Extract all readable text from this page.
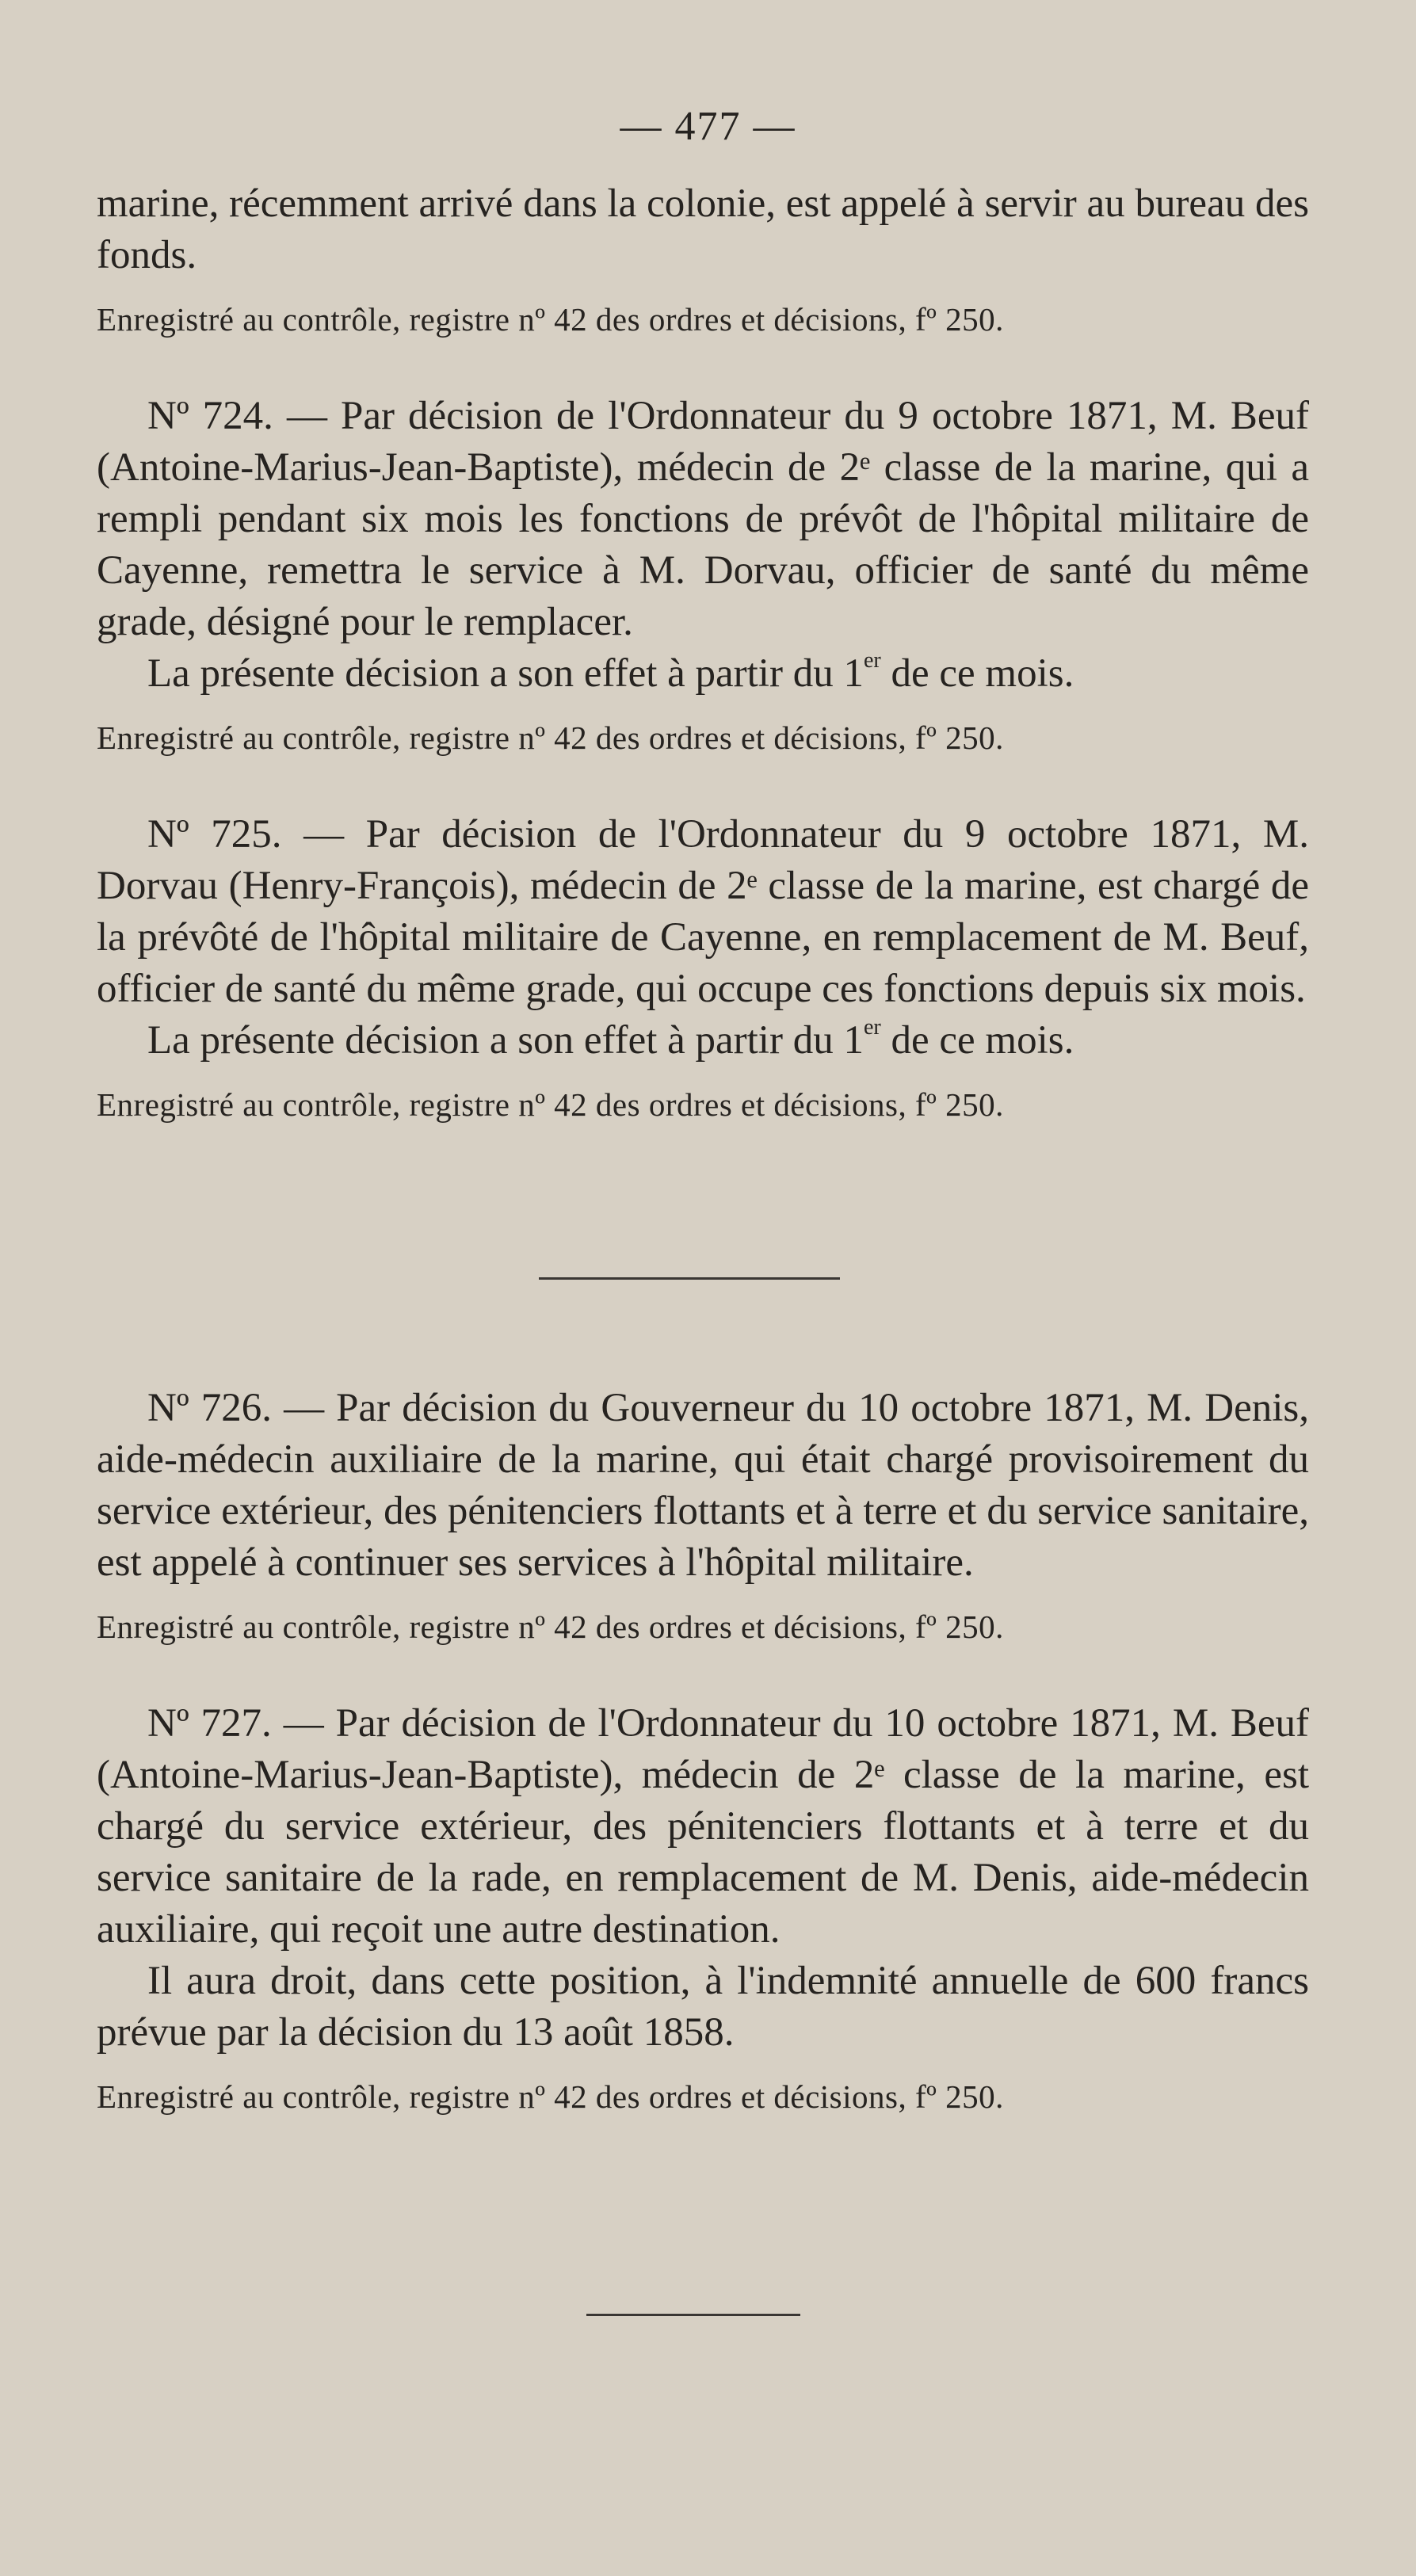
— 477 —

marine, récemment arrivé dans la colonie, est appelé à servir au bureau des fonds.

Enregistré au contrôle, registre nº 42 des ordres et décisions, fº 250.

Nº 724. — Par décision de l'Ordonnateur du 9 octobre 1871, M. Beuf (Antoine-Marius-Jean-Baptiste), médecin de 2ᵉ classe de la marine, qui a rempli pendant six mois les fonctions de prévôt de l'hôpital militaire de Cayenne, remettra le service à M. Dorvau, officier de santé du même grade, désigné pour le remplacer.

La présente décision a son effet à partir du 1er de ce mois.

Enregistré au contrôle, registre nº 42 des ordres et décisions, fº 250.

Nº 725. — Par décision de l'Ordonnateur du 9 octobre 1871, M. Dorvau (Henry-François), médecin de 2ᵉ classe de la marine, est chargé de la prévôté de l'hôpital militaire de Cayenne, en remplacement de M. Beuf, officier de santé du même grade, qui occupe ces fonctions depuis six mois.

La présente décision a son effet à partir du 1er de ce mois.

Enregistré au contrôle, registre nº 42 des ordres et décisions, fº 250.

Nº 726. — Par décision du Gouverneur du 10 octobre 1871, M. Denis, aide-médecin auxiliaire de la marine, qui était chargé provisoirement du service extérieur, des pénitenciers flottants et à terre et du service sanitaire, est appelé à continuer ses services à l'hôpital militaire.

Enregistré au contrôle, registre nº 42 des ordres et décisions, fº 250.

Nº 727. — Par décision de l'Ordonnateur du 10 octobre 1871, M. Beuf (Antoine-Marius-Jean-Baptiste), médecin de 2ᵉ classe de la marine, est chargé du service extérieur, des pénitenciers flottants et à terre et du service sanitaire de la rade, en remplacement de M. Denis, aide-médecin auxiliaire, qui reçoit une autre destination.

Il aura droit, dans cette position, à l'indemnité annuelle de 600 francs prévue par la décision du 13 août 1858.

Enregistré au contrôle, registre nº 42 des ordres et décisions, fº 250.
